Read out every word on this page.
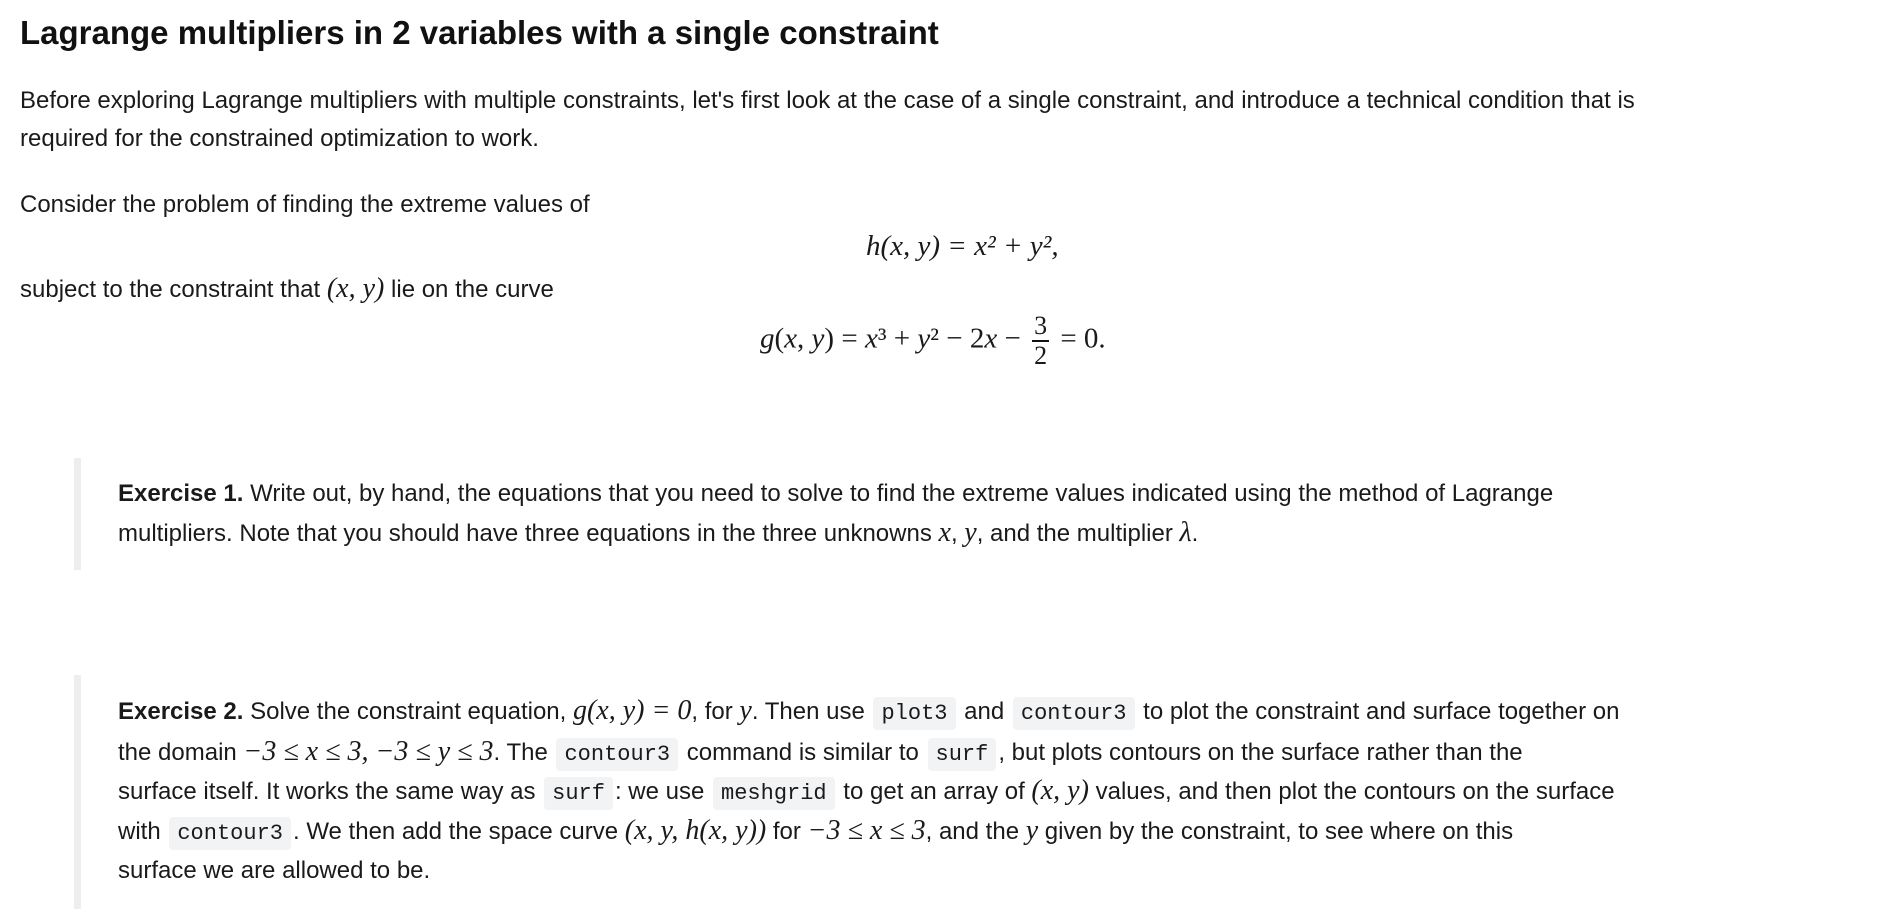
Lagrange multipliers in 2 variables with a single constraint
Before exploring Lagrange multipliers with multiple constraints, let's first look at the case of a single constraint, and introduce a technical condition that is
required for the constrained optimization to work.
Consider the problem of finding the extreme values of
h(x, y) = x² + y²,
subject to the constraint that (x, y) lie on the curve
g(x, $y) = x^3 + y^2 - 2x - \frac{3}{2} = 0$.
Exercise 1. Write out, by hand, the equations that you need to solve to find the extreme values indicated using the method of Lagrange
multipliers. Note that you should have three equations in the three unknowns x, y, and the multiplier λ.
Exercise 2. Solve the constraint equation, g(x, y) = 0, for y. Then use plot3 and contour3 to plot the constraint and surface together on
the domain −3 ≤ x ≤ 3, −3 ≤ y ≤ 3. The contour3 command is similar to surf , but plots contours on the surface rather than the
surface itself. It works the same way as surf : we use meshgrid to get an array of (x, y) values, and then plot the contours on the surface
with contour3 . We then add the space curve (x, y, h(x, y)) for −3 ≤ x ≤ 3, and the y given by the constraint, to see where on this
surface we are allowed to be.
